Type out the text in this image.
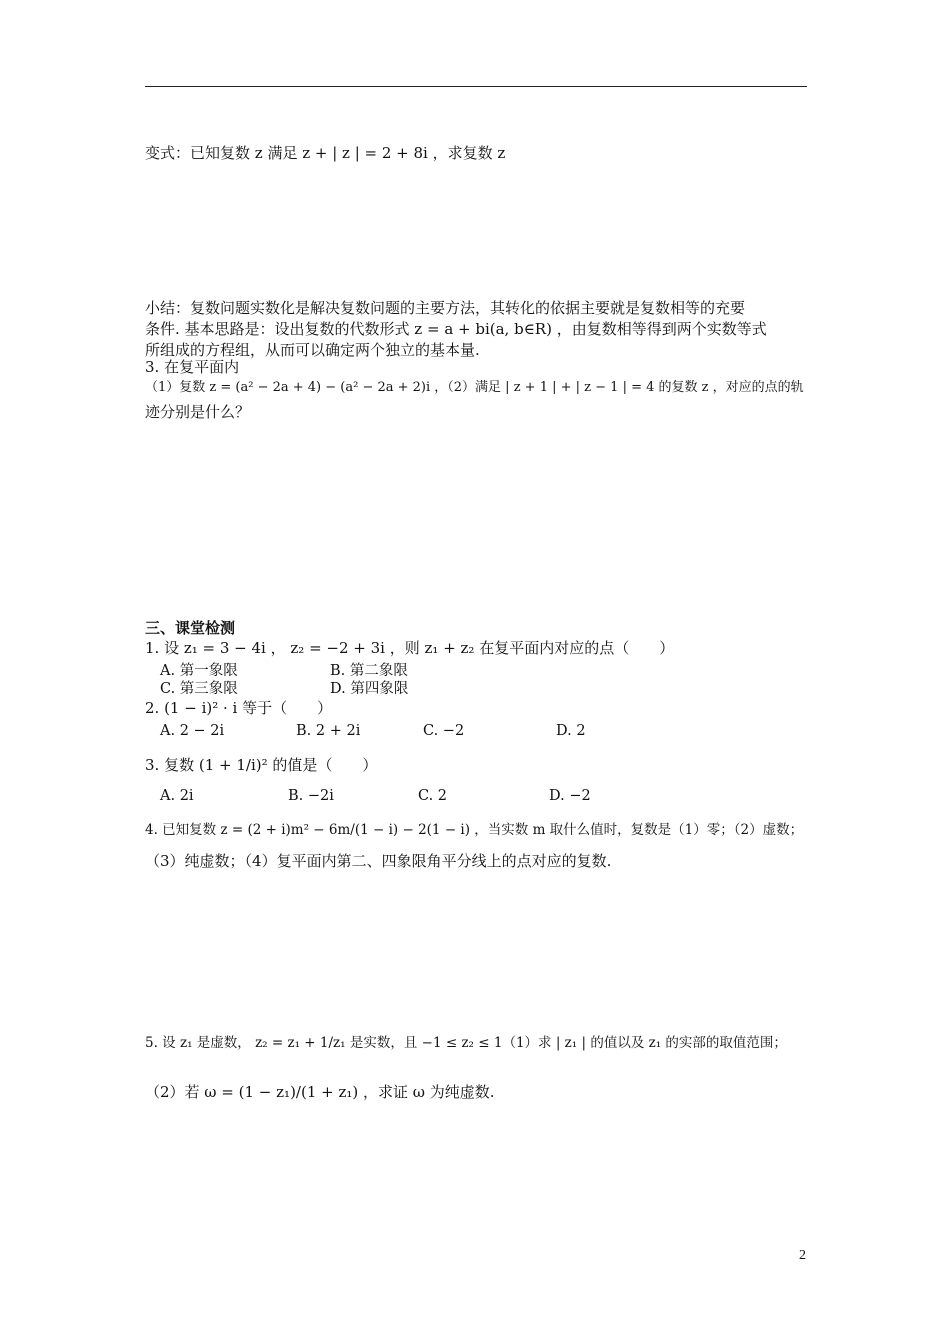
变式：已知复数 z 满足 z + | z | = 2 + 8i ，求复数 z
小结：复数问题实数化是解决复数问题的主要方法，其转化的依据主要就是复数相等的充要
条件. 基本思路是：设出复数的代数形式 z = a + bi(a, b∈R) ，由复数相等得到两个实数等式
所组成的方程组，从而可以确定两个独立的基本量.
3. 在复平面内
（1）复数 z = (a² − 2a + 4) − (a² − 2a + 2)i ，（2）满足 | z + 1 | + | z − 1 | = 4 的复数 z ，对应的点的轨
迹分别是什么？
三、课堂检测
1. 设 z₁ = 3 − 4i ， z₂ = −2 + 3i ，则 z₁ + z₂ 在复平面内对应的点（　　）
A. 第一象限	B. 第二象限
C. 第三象限	D. 第四象限
2. (1 − i)² · i 等于（　　）
A. 2 − 2i	B. 2 + 2i	C. −2	D. 2
3. 复数 (1 + 1/i)² 的值是（　　）
A. 2i	B. −2i	C. 2	D. −2
4. 已知复数 z = (2 + i)m² − 6m/(1 − i) − 2(1 − i) ，当实数 m 取什么值时，复数是（1）零；（2）虚数；
（3）纯虚数；（4）复平面内第二、四象限角平分线上的点对应的复数.
5. 设 z₁ 是虚数， z₂ = z₁ + 1/z₁ 是实数，且 −1 ≤ z₂ ≤ 1（1）求 | z₁ | 的值以及 z₁ 的实部的取值范围；
（2）若 ω = (1 − z₁)/(1 + z₁) ，求证 ω 为纯虚数.
2
